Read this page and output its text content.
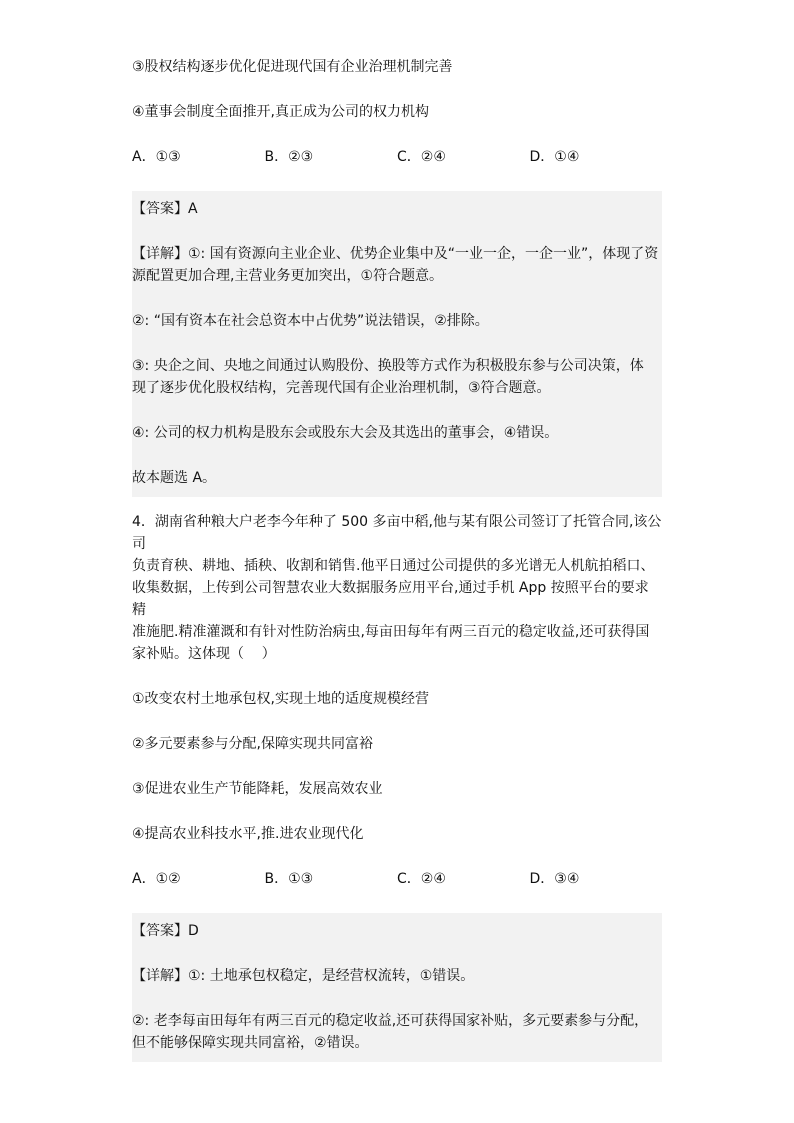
③股权结构逐步优化促进现代国有企业治理机制完善

④董事会制度全面推开,真正成为公司的权力机构

A．①③	B．②③	C．②④	D．①④

【答案】A

【详解】①: 国有资源向主业企业、优势企业集中及“一业一企，一企一业”，体现了资

源配置更加合理,主营业务更加突出，①符合题意。

②: “国有资本在社会总资本中占优势”说法错误，②排除。

③: 央企之间、央地之间通过认购股份、换股等方式作为积极股东参与公司决策，体

现了逐步优化股权结构，完善现代国有企业治理机制，③符合题意。

④: 公司的权力机构是股东会或股东大会及其选出的董事会，④错误。

故本题选 A。

4．湖南省种粮大户老李今年种了 500 多亩中稻,他与某有限公司签订了托管合同,该公司

负责育秧、耕地、插秧、收割和销售.他平日通过公司提供的多光谱无人机航拍稻口、

收集数据，上传到公司智慧农业大数据服务应用平台,通过手机 App 按照平台的要求精

准施肥.精准灌溉和有针对性防治病虫,每亩田每年有两三百元的稳定收益,还可获得国

家补贴。这体现（    ）

①改变农村土地承包权,实现土地的适度规模经营

②多元要素参与分配,保障实现共同富裕

③促进农业生产节能降耗，发展高效农业

④提高农业科技水平,推.进农业现代化

A．①②	B．①③	C．②④	D．③④

【答案】D

【详解】①: 土地承包权稳定，是经营权流转，①错误。

②: 老李每亩田每年有两三百元的稳定收益,还可获得国家补贴，多元要素参与分配，

但不能够保障实现共同富裕，②错误。
